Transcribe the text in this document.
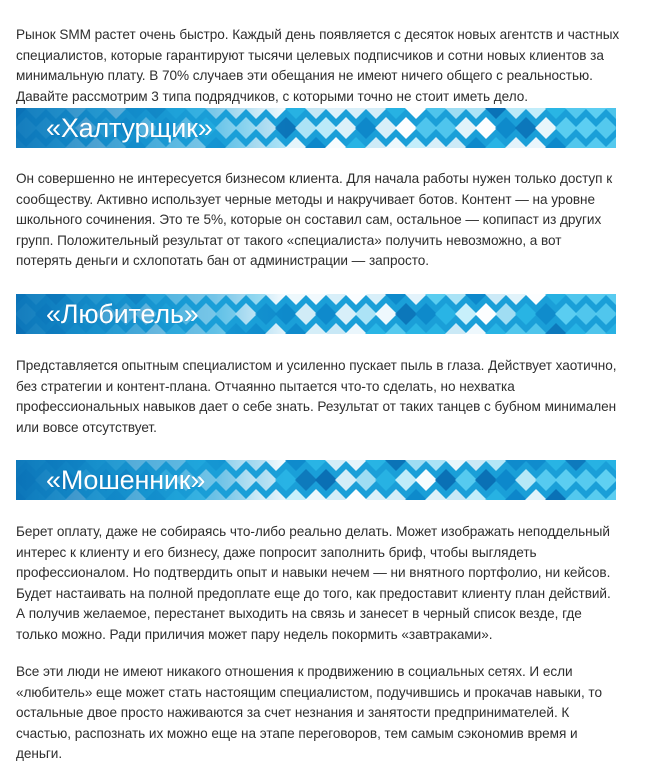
Рынок SMM растет очень быстро. Каждый день появляется с десяток новых агентств и частных специалистов, которые гарантируют тысячи целевых подписчиков и сотни новых клиентов за минимальную плату. В 70% случаев эти обещания не имеют ничего общего с реальностью. Давайте рассмотрим 3 типа подрядчиков, с которыми точно не стоит иметь дело.

«Халтурщик»

Он совершенно не интересуется бизнесом клиента. Для начала работы нужен только доступ к сообществу. Активно использует черные методы и накручивает ботов. Контент — на уровне школьного сочинения. Это те 5%, которые он составил сам, остальное — копипаст из других групп. Положительный результат от такого «специалиста» получить невозможно, а вот потерять деньги и схлопотать бан от администрации — запросто.

«Любитель»

Представляется опытным специалистом и усиленно пускает пыль в глаза. Действует хаотично, без стратегии и контент-плана. Отчаянно пытается что-то сделать, но нехватка профессиональных навыков дает о себе знать. Результат от таких танцев с бубном минимален или вовсе отсутствует.

«Мошенник»

Берет оплату, даже не собираясь что-либо реально делать. Может изображать неподдельный интерес к клиенту и его бизнесу, даже попросит заполнить бриф, чтобы выглядеть профессионалом. Но подтвердить опыт и навыки нечем — ни внятного портфолио, ни кейсов. Будет настаивать на полной предоплате еще до того, как предоставит клиенту план действий. А получив желаемое, перестанет выходить на связь и занесет в черный список везде, где только можно. Ради приличия может пару недель покормить «завтраками».

Все эти люди не имеют никакого отношения к продвижению в социальных сетях. И если «любитель» еще может стать настоящим специалистом, подучившись и прокачав навыки, то остальные двое просто наживаются за счет незнания и занятости предпринимателей. К счастью, распознать их можно еще на этапе переговоров, тем самым сэкономив время и деньги.
